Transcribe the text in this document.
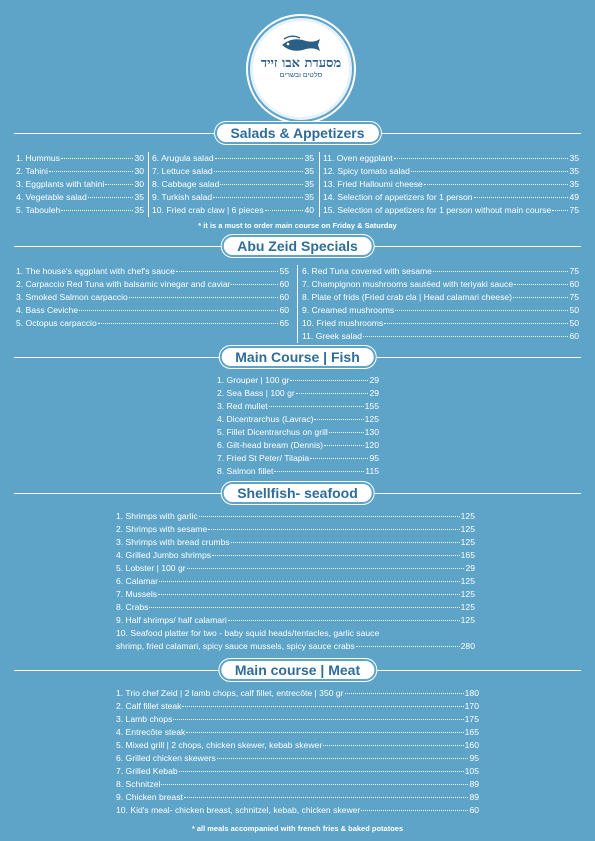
מסעדת אבו זייד
סלטים ובשרים
Salads & Appetizers
1. Hummus	30
2. Tahini	30
3. Eggplants with tahini	30
4. Vegetable salad	35
5. Tabouleh	35
6. Arugula salad	35
7. Lettuce salad	35
8. Cabbage salad	35
9. Turkish salad	35
10. Fried crab claw | 6 pieces	40
11. Oven eggplant	35
12. Spicy tomato salad	35
13. Fried Halloumi cheese	35
14. Selection of appetizers for 1 person	49
15. Selection of appetizers for 1 person without main course 75
* it is a must to order main course on Friday & Saturday
Abu Zeid Specials
1. The house's eggplant with chef's sauce	55
2. Carpaccio Red Tuna with balsamic vinegar and caviar	60
3. Smoked Salmon carpaccio	60
4. Bass Ceviche	60
5. Octopus carpaccio	65
6. Red Tuna covered with sesame	75
7. Champignon mushrooms sautéed with teriyaki sauce	60
8. Plate of frids (Fried crab cla | Head calamari cheese)	75
9. Creamed mushrooms	50
10. Fried mushrooms	50
11. Greek salad	60
Main Course | Fish
1. Grouper | 100 gr	29
2. Sea Bass | 100 gr	29
3. Red mullet	155
4. Dicentrarchus (Lavrac)	125
5. Fillet Dicentrarchus on grill	130
6. Gilt-head bream (Dennis)	120
7. Fried St Peter/ Tilapia	95
8. Salmon fillet	115
Shellfish- seafood
1. Shrimps with garlic	125
2. Shrimps with sesame	125
3. Shrimps with bread crumbs	125
4. Grilled Jumbo shrimps	165
5. Lobster | 100 gr	29
6. Calamar	125
7. Mussels	125
8. Crabs	125
9. Half shrimps/ half calamari	125
10. Seafood platter for two - baby squid heads/tentacles, garlic sauce
shrimp, fried calamari, spicy sauce mussels, spicy sauce crabs	280
Main course | Meat
1. Trio chef Zeid | 2 lamb chops, calf fillet, entrecôte | 350 gr	180
2. Calf fillet steak	170
3. Lamb chops	175
4. Entrecôte steak	165
5. Mixed grill | 2 chops, chicken skewer, kebab skewer	160
6. Grilled chicken skewers	95
7. Grilled Kebab	105
8. Schnitzel	89
9. Chicken breast	89
10. Kid's meal- chicken breast, schnitzel, kebab, chicken skewer	60
* all meals accompanied with french fries & baked potatoes
